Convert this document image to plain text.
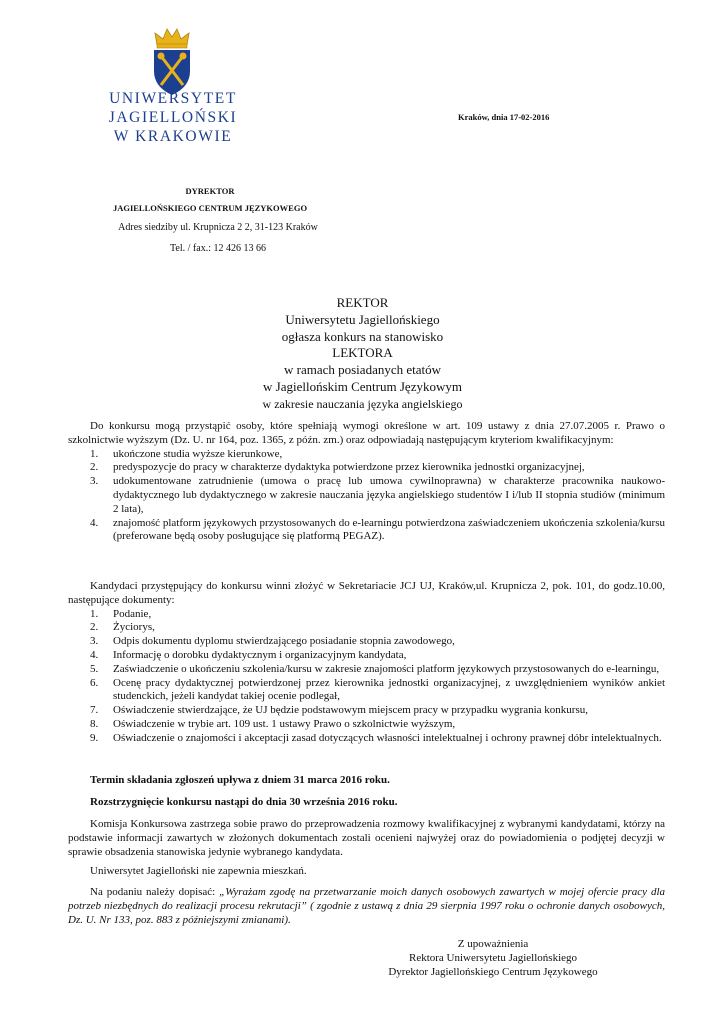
UNIWERSYTET JAGIELLOŃSKI
W KRAKOWIE
Kraków, dnia 17-02-2016
DYREKTOR
JAGIELLOŃSKIEGO CENTRUM JĘZYKOWEGO
Adres siedziby ul. Krupnicza 2 2, 31-123 Kraków
Tel. / fax.: 12 426 13 66
REKTOR
Uniwersytetu Jagiellońskiego
ogłasza konkurs na stanowisko
LEKTORA
w ramach posiadanych etatów
w Jagiellońskim Centrum Językowym
w zakresie nauczania języka angielskiego

Do konkursu mogą przystąpić osoby, które spełniają wymogi określone w art. 109 ustawy z dnia 27.07.2005 r. Prawo o szkolnictwie wyższym (Dz. U. nr 164, poz. 1365, z późn. zm.) oraz odpowiadają następującym kryteriom kwalifikacyjnym:

1. ukończone studia wyższe kierunkowe,
2. predyspozycje do pracy w charakterze dydaktyka potwierdzone przez kierownika jednostki organizacyjnej,
3. udokumentowane zatrudnienie (umowa o pracę lub umowa cywilnoprawna) w charakterze pracownika naukowo-dydaktycznego lub dydaktycznego w zakresie nauczania języka angielskiego studentów I i/lub II stopnia studiów (minimum 2 lata),
4. znajomość platform językowych przystosowanych do e-learningu potwierdzona zaświadczeniem ukończenia szkolenia/kursu (preferowane będą osoby posługujące się platformą PEGAZ).

Kandydaci przystępujący do konkursu winni złożyć w Sekretariacie JCJ UJ, Kraków,ul. Krupnicza 2, pok. 101, do godz.10.00, następujące dokumenty:

1. Podanie,
2. Życiorys,
3. Odpis dokumentu dyplomu stwierdzającego posiadanie stopnia zawodowego,
4. Informację o dorobku dydaktycznym i organizacyjnym kandydata,
5. Zaświadczenie o ukończeniu szkolenia/kursu w zakresie znajomości platform językowych przystosowanych do e-learningu,
6. Ocenę pracy dydaktycznej potwierdzonej przez kierownika jednostki organizacyjnej, z uwzględnieniem wyników ankiet studenckich, jeżeli kandydat takiej ocenie podlegał,
7. Oświadczenie stwierdzające, że UJ będzie podstawowym miejscem pracy w przypadku wygrania konkursu,
8. Oświadczenie w trybie art. 109 ust. 1 ustawy Prawo o szkolnictwie wyższym,
9. Oświadczenie o znajomości i akceptacji zasad dotyczących własności intelektualnej i ochrony prawnej dóbr intelektualnych.

Termin składania zgłoszeń upływa z dniem 31 marca 2016 roku.

Rozstrzygnięcie konkursu nastąpi do dnia 30 września 2016 roku.

Komisja Konkursowa zastrzega sobie prawo do przeprowadzenia rozmowy kwalifikacyjnej z wybranymi kandydatami, którzy na podstawie informacji zawartych w złożonych dokumentach zostali ocenieni najwyżej oraz do powiadomienia o podjętej decyzji w sprawie obsadzenia stanowiska jedynie wybranego kandydata.

Uniwersytet Jagielloński nie zapewnia mieszkań.

Na podaniu należy dopisać: „Wyrażam zgodę na przetwarzanie moich danych osobowych zawartych w mojej ofercie pracy dla potrzeb niezbędnych do realizacji procesu rekrutacji” ( zgodnie z ustawą z dnia 29 sierpnia 1997 roku o ochronie danych osobowych, Dz. U. Nr 133, poz. 883 z późniejszymi zmianami).

Z upoważnienia
Rektora Uniwersytetu Jagiellońskiego
Dyrektor Jagiellońskiego Centrum Językowego
